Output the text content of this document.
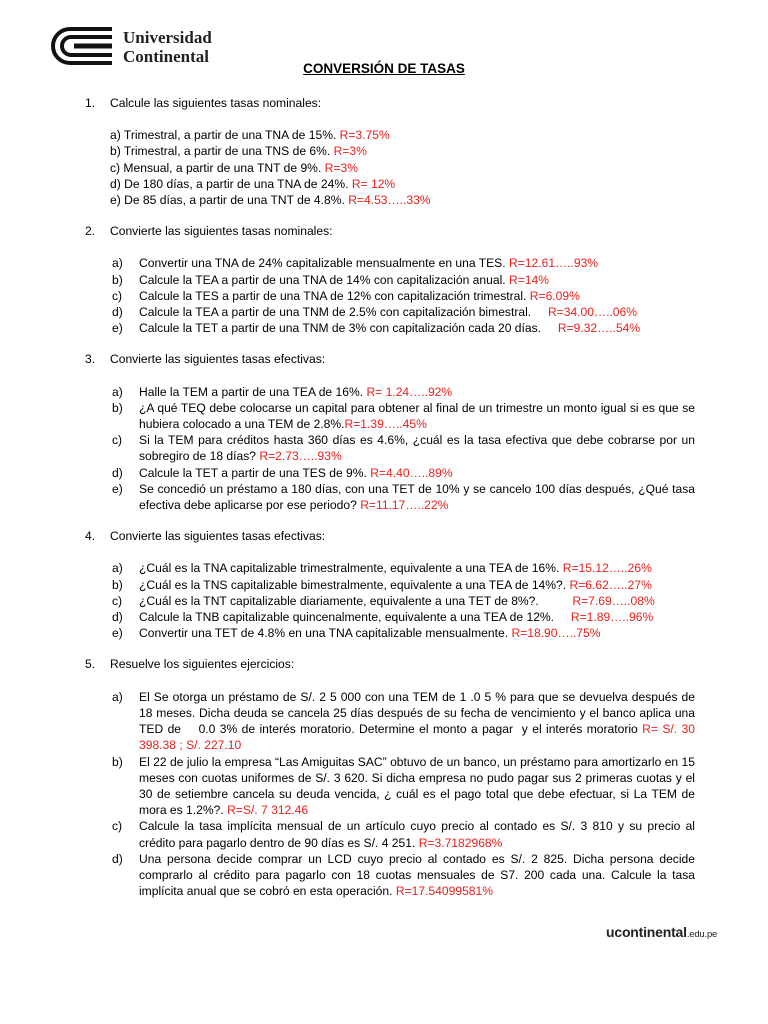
Universidad
Continental
CONVERSIÓN DE TASAS
1. Calcule las siguientes tasas nominales:
a) Trimestral, a partir de una TNA de 15%. R=3.75%
b) Trimestral, a partir de una TNS de 6%. R=3%
c) Mensual, a partir de una TNT de 9%. R=3%
d) De 180 días, a partir de una TNA de 24%. R= 12%
e) De 85 días, a partir de una TNT de 4.8%. R=4.53…..33%
2. Convierte las siguientes tasas nominales:
a) Convertir una TNA de 24% capitalizable mensualmente en una TES. R=12.61…..93%
b) Calcule la TEA a partir de una TNA de 14% con capitalización anual. R=14%
c) Calcule la TES a partir de una TNA de 12% con capitalización trimestral. R=6.09%
d) Calcule la TEA a partir de una TNM de 2.5% con capitalización bimestral.     R=34.00…..06%
e) Calcule la TET a partir de una TNM de 3% con capitalización cada 20 días.     R=9.32…..54%
3. Convierte las siguientes tasas efectivas:
a) Halle la TEM a partir de una TEA de 16%. R= 1.24…..92%
b) ¿A qué TEQ debe colocarse un capital para obtener al final de un trimestre un monto igual si es que se hubiera colocado a una TEM de 2.8%.R=1.39…..45%
c) Si la TEM para créditos hasta 360 días es 4.6%, ¿cuál es la tasa efectiva que debe cobrarse por un sobregiro de 18 días? R=2.73…..93%
d) Calcule la TET a partir de una TES de 9%. R=4.40…..89%
e) Se concedió un préstamo a 180 días, con una TET de 10% y se cancelo 100 días después, ¿Qué tasa efectiva debe aplicarse por ese periodo? R=11.17…..22%
4. Convierte las siguientes tasas efectivas:
a) ¿Cuál es la TNA capitalizable trimestralmente, equivalente a una TEA de 16%. R=15.12…..26%
b) ¿Cuál es la TNS capitalizable bimestralmente, equivalente a una TEA de 14%?. R=6.62…..27%
c) ¿Cuál es la TNT capitalizable diariamente, equivalente a una TET de 8%?.          R=7.69…..08%
d) Calcule la TNB capitalizable quincenalmente, equivalente a una TEA de 12%.     R=1.89…..96%
e) Convertir una TET de 4.8% en una TNA capitalizable mensualmente. R=18.90…..75%
5. Resuelve los siguientes ejercicios:
a) El Se otorga un préstamo de S/. 2 5 000 con una TEM de 1 .0 5 % para que se devuelva después de 18 meses. Dicha deuda se cancela 25 días después de su fecha de vencimiento y el banco aplica una TED de    0.0 3% de interés moratorio. Determine el monto a pagar  y el interés moratorio R= S/. 30 398.38 ; S/. 227.10
b) El 22 de julio la empresa “Las Amiguitas SAC” obtuvo de un banco, un préstamo para amortizarlo en 15 meses con cuotas uniformes de S/. 3 620. Si dicha empresa no pudo pagar sus 2 primeras cuotas y el 30 de setiembre cancela su deuda vencida, ¿ cuál es el pago total que debe efectuar, si La TEM de mora es 1.2%?. R=S/. 7 312.46
c) Calcule la tasa implícita mensual de un artículo cuyo precio al contado es S/. 3 810 y su precio al crédito para pagarlo dentro de 90 días es S/. 4 251. R=3.7182968%
d) Una persona decide comprar un LCD cuyo precio al contado es S/. 2 825. Dicha persona decide comprarlo al crédito para pagarlo con 18 cuotas mensuales de S7. 200 cada una. Calcule la tasa implícita anual que se cobró en esta operación. R=17.54099581%
ucontinental.edu.pe
